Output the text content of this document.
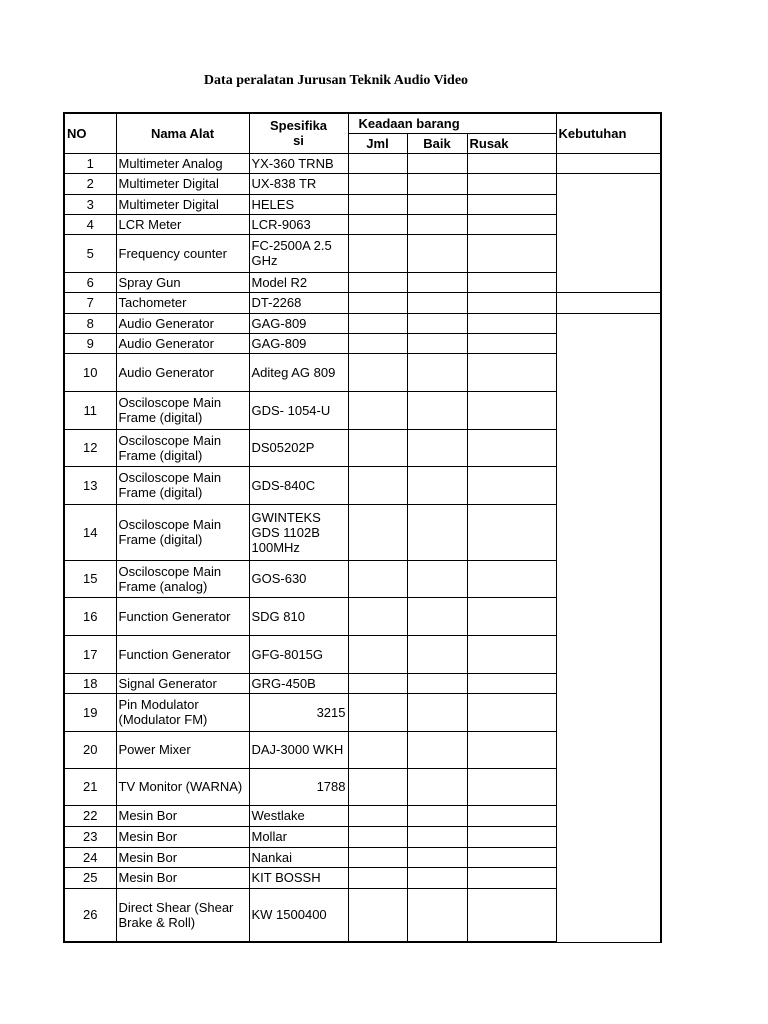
Data peralatan Jurusan Teknik Audio Video
NO	Nama Alat	Spesifika si	Keadaan barang			Kebutuhan
			Jml	Baik	Rusak	
1	Multimeter Analog	YX-360 TRNB				
2	Multimeter Digital	UX-838 TR				
3	Multimeter Digital	HELES				
4	LCR Meter	LCR-9063				
5	Frequency counter	FC-2500A 2.5 GHz				
6	Spray Gun	Model R2				
7	Tachometer	DT-2268				
8	Audio Generator	GAG-809				
9	Audio Generator	GAG-809				
10	Audio Generator	Aditeg AG 809				
11	Osciloscope Main Frame (digital)	GDS- 1054-U				
12	Osciloscope Main Frame (digital)	DS05202P				
13	Osciloscope Main Frame (digital)	GDS-840C				
14	Osciloscope Main Frame (digital)	GWINTEKS GDS 1102B 100MHz				
15	Osciloscope Main Frame (analog)	GOS-630				
16	Function Generator	SDG 810				
17	Function Generator	GFG-8015G				
18	Signal Generator	GRG-450B				
19	Pin Modulator (Modulator FM)	3215				
20	Power Mixer	DAJ-3000 WKH				
21	TV Monitor (WARNA)	1788				
22	Mesin Bor	Westlake				
23	Mesin Bor	Mollar				
24	Mesin Bor	Nankai				
25	Mesin Bor	KIT BOSSH				
26	Direct Shear (Shear Brake & Roll)	KW 1500400				
